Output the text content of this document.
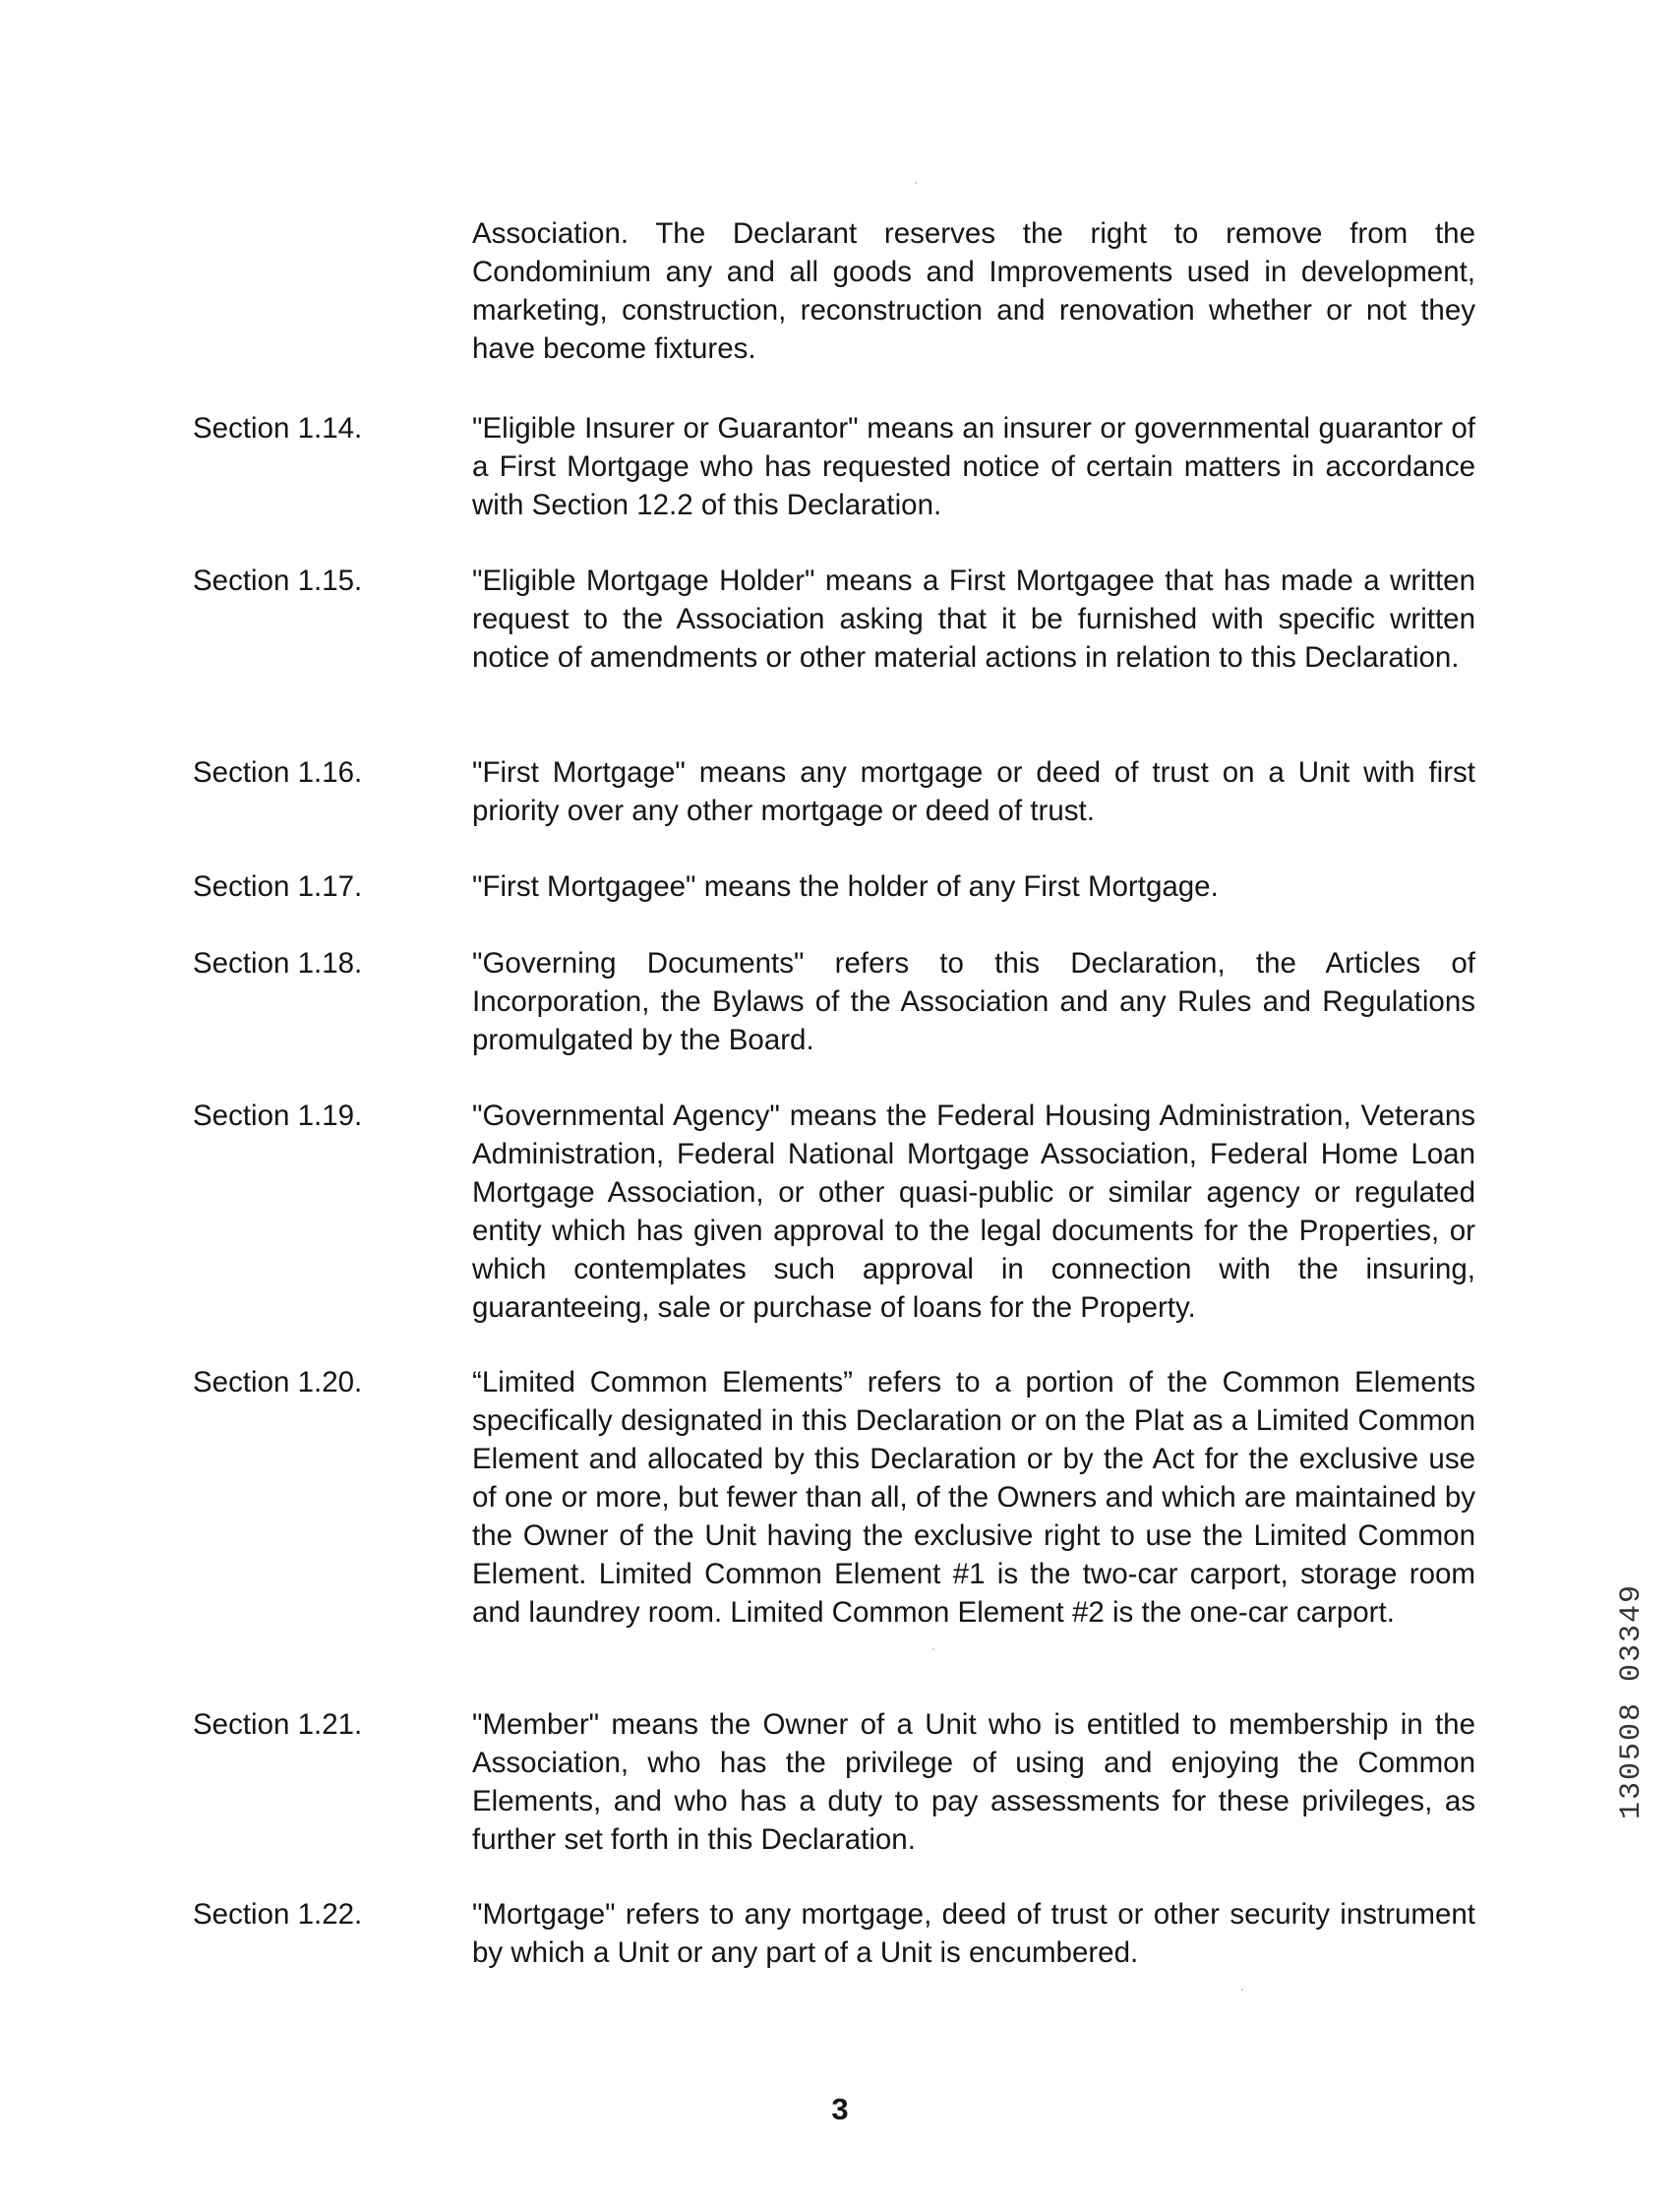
Association. The Declarant reserves the right to remove from the Condominium any and all goods and Improvements used in development, marketing, construction, reconstruction and renovation whether or not they have become fixtures.
Section 1.14.	"Eligible Insurer or Guarantor" means an insurer or governmental guarantor of a First Mortgage who has requested notice of certain matters in accordance with Section 12.2 of this Declaration.
Section 1.15.	"Eligible Mortgage Holder" means a First Mortgagee that has made a written request to the Association asking that it be furnished with specific written notice of amendments or other material actions in relation to this Declaration.
Section 1.16.	"First Mortgage" means any mortgage or deed of trust on a Unit with first priority over any other mortgage or deed of trust.
Section 1.17.	"First Mortgagee" means the holder of any First Mortgage.
Section 1.18.	"Governing Documents" refers to this Declaration, the Articles of Incorporation, the Bylaws of the Association and any Rules and Regulations promulgated by the Board.
Section 1.19.	"Governmental Agency" means the Federal Housing Administration, Veterans Administration, Federal National Mortgage Association, Federal Home Loan Mortgage Association, or other quasi-public or similar agency or regulated entity which has given approval to the legal documents for the Properties, or which contemplates such approval in connection with the insuring, guaranteeing, sale or purchase of loans for the Property.
Section 1.20.	“Limited Common Elements” refers to a portion of the Common Elements specifically designated in this Declaration or on the Plat as a Limited Common Element and allocated by this Declaration or by the Act for the exclusive use of one or more, but fewer than all, of the Owners and which are maintained by the Owner of the Unit having the exclusive right to use the Limited Common Element. Limited Common Element #1 is the two-car carport, storage room and laundrey room. Limited Common Element #2 is the one-car carport.
Section 1.21.	"Member" means the Owner of a Unit who is entitled to membership in the Association, who has the privilege of using and enjoying the Common Elements, and who has a duty to pay assessments for these privileges, as further set forth in this Declaration.
Section 1.22.	"Mortgage" refers to any mortgage, deed of trust or other security instrument by which a Unit or any part of a Unit is encumbered.
3
130508 03349
